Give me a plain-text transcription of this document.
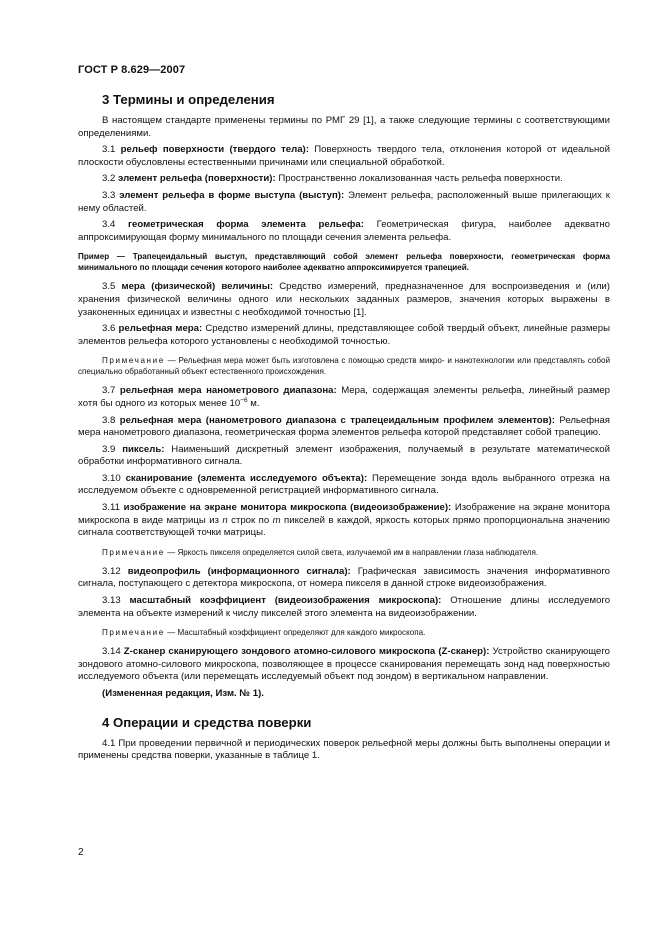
ГОСТ Р 8.629—2007
3 Термины и определения

В настоящем стандарте применены термины по РМГ 29 [1], а также следующие термины с соответствующими определениями.

3.1 рельеф поверхности (твердого тела): Поверхность твердого тела, отклонения которой от идеальной плоскости обусловлены естественными причинами или специальной обработкой.

3.2 элемент рельефа (поверхности): Пространственно локализованная часть рельефа поверхности.

3.3 элемент рельефа в форме выступа (выступ): Элемент рельефа, расположенный выше прилегающих к нему областей.

3.4 геометрическая форма элемента рельефа: Геометрическая фигура, наиболее адекватно аппроксимирующая форму минимального по площади сечения элемента рельефа.

Пример — Трапецеидальный выступ, представляющий собой элемент рельефа поверхности, геометрическая форма минимального по площади сечения которого наиболее адекватно аппроксимируется трапецией.

3.5 мера (физической) величины: Средство измерений, предназначенное для воспроизведения и (или) хранения физической величины одного или нескольких заданных размеров, значения которых выражены в узаконенных единицах и известны с необходимой точностью [1].

3.6 рельефная мера: Средство измерений длины, представляющее собой твердый объект, линейные размеры элементов рельефа которого установлены с необходимой точностью.

Примечание — Рельефная мера может быть изготовлена с помощью средств микро- и нанотехнологии или представлять собой специально обработанный объект естественного происхождения.

3.7 рельефная мера нанометрового диапазона: Мера, содержащая элементы рельефа, линейный размер хотя бы одного из которых менее $10^{-6}$ м.

3.8 рельефная мера (нанометрового диапазона с трапецеидальным профилем элементов): Рельефная мера нанометрового диапазона, геометрическая форма элементов рельефа которой представляет собой трапецию.

3.9 пиксель: Наименьший дискретный элемент изображения, получаемый в результате математической обработки информативного сигнала.

3.10 сканирование (элемента исследуемого объекта): Перемещение зонда вдоль выбранного отрезка на исследуемом объекте с одновременной регистрацией информативного сигнала.

3.11 изображение на экране монитора микроскопа (видеоизображение): Изображение на экране монитора микроскопа в виде матрицы из n строк по m пикселей в каждой, яркость которых прямо пропорциональна значению сигнала соответствующей точки матрицы.

Примечание — Яркость пикселя определяется силой света, излучаемой им в направлении глаза наблюдателя.

3.12 видеопрофиль (информационного сигнала): Графическая зависимость значения информативного сигнала, поступающего с детектора микроскопа, от номера пикселя в данной строке видеоизображения.

3.13 масштабный коэффициент (видеоизображения микроскопа): Отношение длины исследуемого элемента на объекте измерений к числу пикселей этого элемента на видеоизображении.

Примечание — Масштабный коэффициент определяют для каждого микроскопа.

3.14 Z-сканер сканирующего зондового атомно-силового микроскопа (Z-сканер): Устройство сканирующего зондового атомно-силового микроскопа, позволяющее в процессе сканирования перемещать зонд над поверхностью исследуемого объекта (или перемещать исследуемый объект под зондом) в вертикальном направлении.

(Измененная редакция, Изм. № 1).

4 Операции и средства поверки

4.1 При проведении первичной и периодических поверок рельефной меры должны быть выполнены операции и применены средства поверки, указанные в таблице 1.

2
